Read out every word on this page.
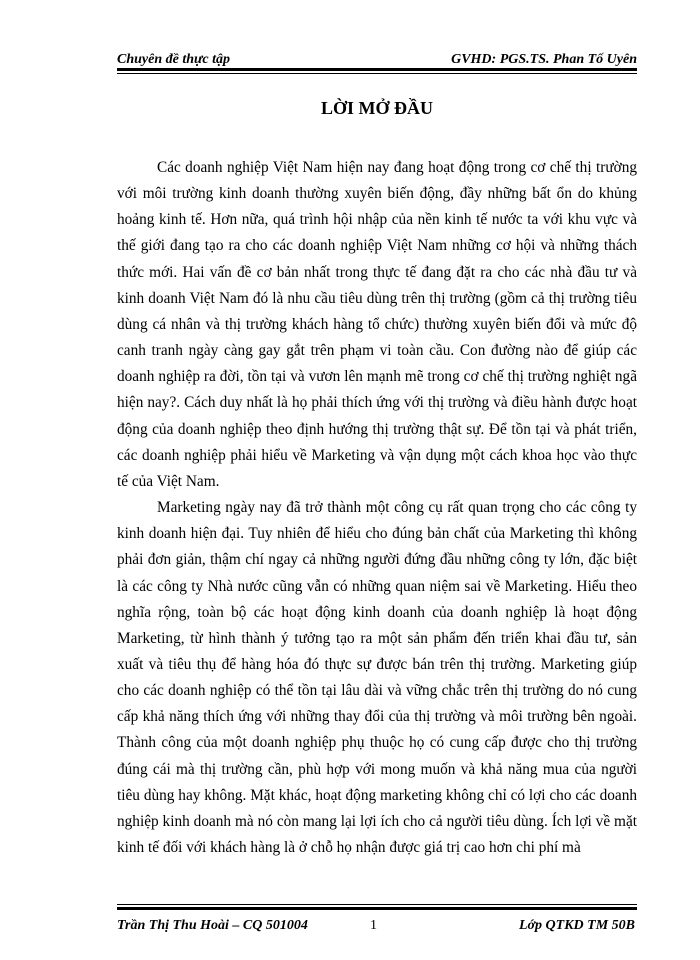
Chuyên đề thực tập	GVHD: PGS.TS. Phan Tố Uyên
LỜI MỞ ĐẦU

Các doanh nghiệp Việt Nam hiện nay đang hoạt động trong cơ chế thị trường với môi trường kinh doanh thường xuyên biến động, đầy những bất ổn do khủng hoảng kinh tế. Hơn nữa, quá trình hội nhập của nền kinh tế nước ta với khu vực và thế giới đang tạo ra cho các doanh nghiệp Việt Nam những cơ hội và những thách thức mới. Hai vấn đề cơ bản nhất trong thực tế đang đặt ra cho các nhà đầu tư và kinh doanh Việt Nam đó là nhu cầu tiêu dùng trên thị trường (gồm cả thị trường tiêu dùng cá nhân và thị trường khách hàng tổ chức) thường xuyên biến đổi và mức độ canh tranh ngày càng gay gắt trên phạm vi toàn cầu. Con đường nào để giúp các doanh nghiệp ra đời, tồn tại và vươn lên mạnh mẽ trong cơ chế thị trường nghiệt ngã hiện nay?. Cách duy nhất là họ phải thích ứng với thị trường và điều hành được hoạt động của doanh nghiệp theo định hướng thị trường thật sự. Để tồn tại và phát triển, các doanh nghiệp phải hiểu về Marketing và vận dụng một cách khoa học vào thực tế của Việt Nam.

Marketing ngày nay đã trở thành một công cụ rất quan trọng cho các công ty kinh doanh hiện đại. Tuy nhiên để hiểu cho đúng bản chất của Marketing thì không phải đơn giản, thậm chí ngay cả những người đứng đầu những công ty lớn, đặc biệt là các công ty Nhà nước cũng vẫn có những quan niệm sai về Marketing. Hiểu theo nghĩa rộng, toàn bộ các hoạt động kinh doanh của doanh nghiệp là hoạt động Marketing, từ hình thành ý tưởng tạo ra một sản phẩm đến triển khai đầu tư, sản xuất và tiêu thụ để hàng hóa đó thực sự được bán trên thị trường. Marketing giúp cho các doanh nghiệp có thể tồn tại lâu dài và vững chắc trên thị trường do nó cung cấp khả năng thích ứng với những thay đổi của thị trường và môi trường bên ngoài. Thành công của một doanh nghiệp phụ thuộc họ có cung cấp được cho thị trường đúng cái mà thị trường cần, phù hợp với mong muốn và khả năng mua của người tiêu dùng hay không. Mặt khác, hoạt động marketing không chỉ có lợi cho các doanh nghiệp kinh doanh mà nó còn mang lại lợi ích cho cả người tiêu dùng. Ích lợi về mặt kinh tế đối với khách hàng là ở chỗ họ nhận được giá trị cao hơn chi phí mà

Trần Thị Thu Hoài – CQ 501004	1	Lớp QTKD TM 50B
